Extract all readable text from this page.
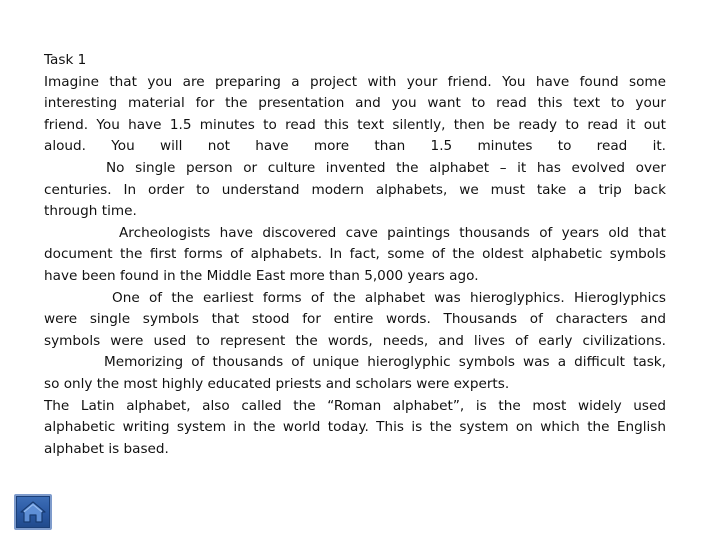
Task 1
Imagine that you are preparing a project with your friend. You have found some
interesting material for the presentation and you want to read this text to your
friend. You have 1.5 minutes to read this text silently, then be ready to read it out
aloud. You will not have more than 1.5 minutes to read it.
No single person or culture invented the alphabet – it has evolved over
centuries. In order to understand modern alphabets, we must take a trip back
through time.
Archeologists have discovered cave paintings thousands of years old that
document the first forms of alphabets. In fact, some of the oldest alphabetic symbols
have been found in the Middle East more than 5,000 years ago.
One of the earliest forms of the alphabet was hieroglyphics. Hieroglyphics
were single symbols that stood for entire words. Thousands of characters and
symbols were used to represent the words, needs, and lives of early civilizations.
Memorizing of thousands of unique hieroglyphic symbols was a difficult task,
so only the most highly educated priests and scholars were experts.
The Latin alphabet, also called the “Roman alphabet”, is the most widely used
alphabetic writing system in the world today. This is the system on which the English
alphabet is based.
